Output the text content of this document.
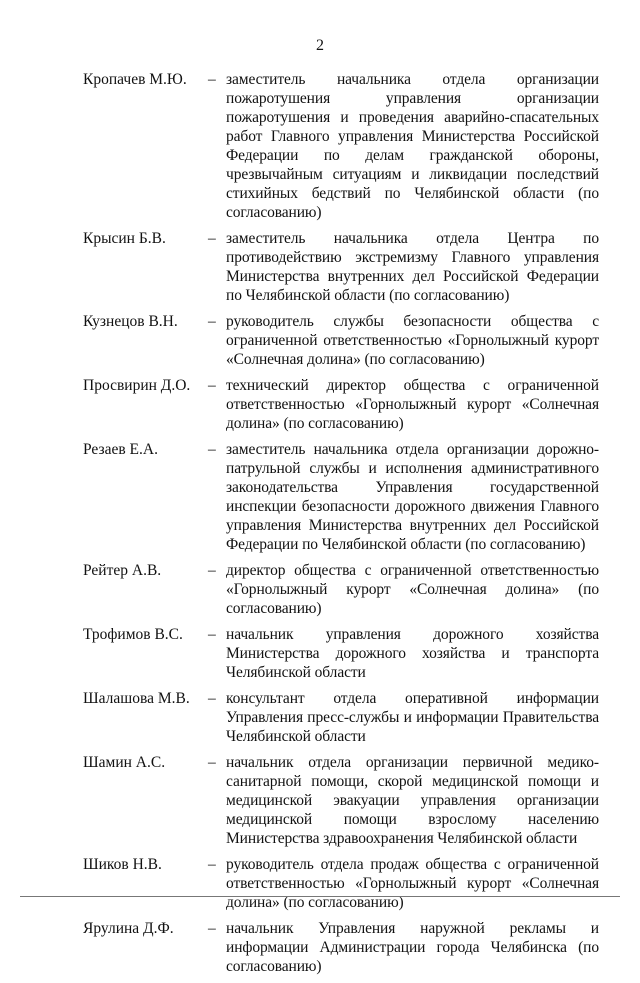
2
Кропачев М.Ю.	– заместитель начальника отдела организации пожаротушения управления организации пожаротушения и проведения аварийно-спасательных работ Главного управления Министерства Российской Федерации по делам гражданской обороны, чрезвычайным ситуациям и ликвидации последствий стихийных бедствий по Челябинской области (по согласованию)
Крысин Б.В.	– заместитель начальника отдела Центра по противодействию экстремизму Главного управления Министерства внутренних дел Российской Федерации по Челябинской области (по согласованию)
Кузнецов В.Н.	– руководитель службы безопасности общества с ограниченной ответственностью «Горнолыжный курорт «Солнечная долина» (по согласованию)
Просвирин Д.О.	– технический директор общества с ограниченной ответственностью «Горнолыжный курорт «Солнечная долина» (по согласованию)
Резаев Е.А.	– заместитель начальника отдела организации дорожно-патрульной службы и исполнения административного законодательства Управления государственной инспекции безопасности дорожного движения Главного управления Министерства внутренних дел Российской Федерации по Челябинской области (по согласованию)
Рейтер А.В.	– директор общества с ограниченной ответственностью «Горнолыжный курорт «Солнечная долина» (по согласованию)
Трофимов В.С.	– начальник управления дорожного хозяйства Министерства дорожного хозяйства и транспорта Челябинской области
Шалашова М.В.	– консультант отдела оперативной информации Управления пресс-службы и информации Правительства Челябинской области
Шамин А.С.	– начальник отдела организации первичной медико-санитарной помощи, скорой медицинской помощи и медицинской эвакуации управления организации медицинской помощи взрослому населению Министерства здравоохранения Челябинской области
Шиков Н.В.	– руководитель отдела продаж общества с ограниченной ответственностью «Горнолыжный курорт «Солнечная долина» (по согласованию)
Ярулина Д.Ф.	– начальник Управления наружной рекламы и информации Администрации города Челябинска (по согласованию)
